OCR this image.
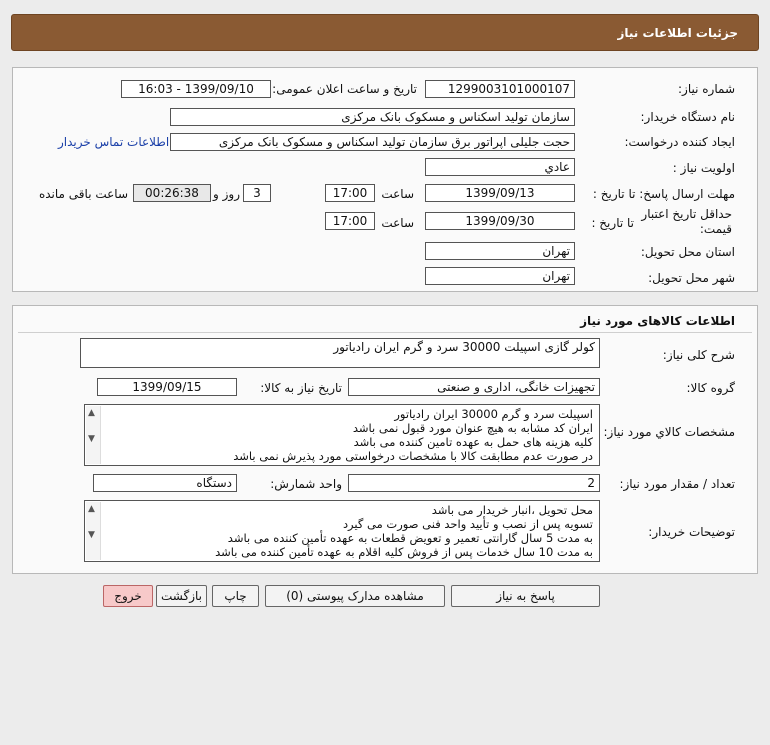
جزئیات اطلاعات نیاز
شماره نیاز:
1299003101000107
تاریخ و ساعت اعلان عمومی:
1399/09/10 - 16:03
نام دستگاه خریدار:
سازمان تولید اسکناس و مسکوک بانک مرکزی
ایجاد کننده درخواست:
حجت جلیلی اپراتور برق سازمان تولید اسکناس و مسکوک بانک مرکزی
اطلاعات تماس خریدار
اولویت نیاز :
عادي
مهلت ارسال پاسخ: تا تاریخ :
1399/09/13
ساعت
17:00
3
روز و
00:26:38
ساعت باقی مانده
حداقل تاریخ اعتبار
قیمت:
تا تاریخ :
1399/09/30
ساعت
17:00
استان محل تحویل:
تهران
شهر محل تحویل:
تهران
اطلاعات کالاهای مورد نیاز
شرح کلی نیاز:
کولر گازی اسپیلت 30000 سرد و گرم ایران رادیاتور
گروه کالا:
تجهیزات خانگی، اداری و صنعتی
تاریخ نیاز به کالا:
1399/09/15
مشخصات کالاي مورد نياز:
▲
▼
اسپیلت سرد و گرم 30000 ایران رادیاتور
ایران کد مشابه به هیچ عنوان مورد قبول نمی باشد
کلیه هزینه های حمل به عهده تامین کننده می باشد
در صورت عدم مطابقت کالا با مشخصات درخواستی مورد پذیرش نمی باشد
تعداد / مقدار مورد نیاز:
2
واحد شمارش:
دستگاه
توضیحات خریدار:
▲
▼
محل تحویل ،انبار خریدار می باشد
تسویه پس از نصب و تأیید واحد فنی صورت می گیرد
به مدت 5 سال گارانتی تعمیر و تعویض قطعات به عهده تأمین کننده می باشد
به مدت 10 سال خدمات پس از فروش کلیه اقلام به عهده تأمین کننده می باشد
پاسخ به نیاز
مشاهده مدارک پیوستی (0)
چاپ
بازگشت
خروج
